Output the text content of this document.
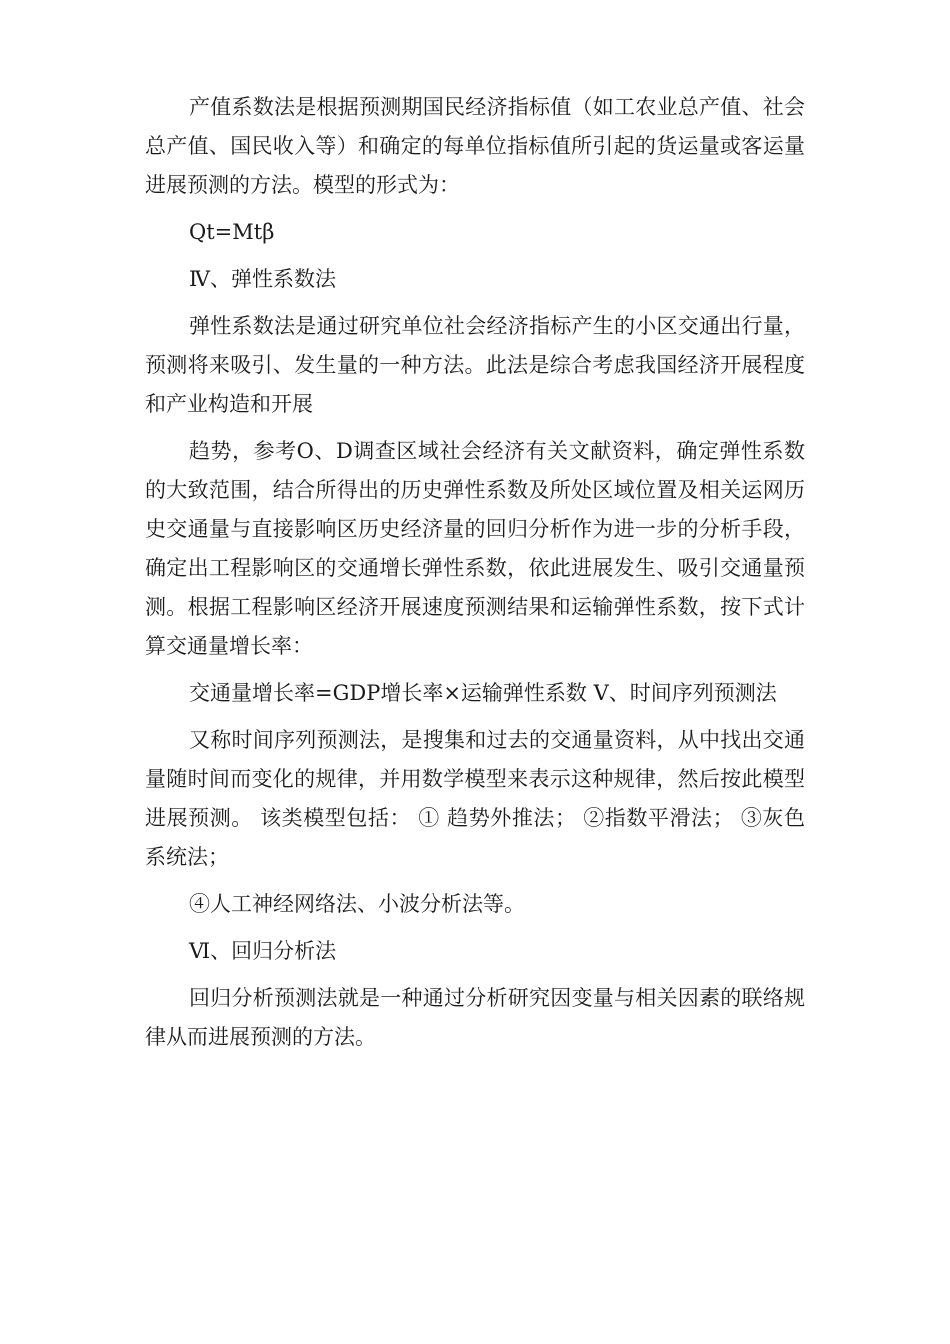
产值系数法是根据预测期国民经济指标值（如工农业总产值、社会总产值、国民收入等）和确定的每单位指标值所引起的货运量或客运量进展预测的方法。模型的形式为：

Qt=Mtβ

Ⅳ、弹性系数法

弹性系数法是通过研究单位社会经济指标产生的小区交通出行量，预测将来吸引、发生量的一种方法。此法是综合考虑我国经济开展程度和产业构造和开展

趋势，参考O、D调查区域社会经济有关文献资料，确定弹性系数的大致范围，结合所得出的历史弹性系数及所处区域位置及相关运网历史交通量与直接影响区历史经济量的回归分析作为进一步的分析手段，确定出工程影响区的交通增长弹性系数，依此进展发生、吸引交通量预测。根据工程影响区经济开展速度预测结果和运输弹性系数，按下式计算交通量增长率：

交通量增长率=GDP增长率×运输弹性系数 Ⅴ、时间序列预测法

又称时间序列预测法，是搜集和过去的交通量资料，从中找出交通量随时间而变化的规律，并用数学模型来表示这种规律，然后按此模型进展预测。 该类模型包括： ① 趋势外推法； ②指数平滑法； ③灰色系统法；

④人工神经网络法、小波分析法等。

Ⅵ、回归分析法

回归分析预测法就是一种通过分析研究因变量与相关因素的联络规律从而进展预测的方法。
